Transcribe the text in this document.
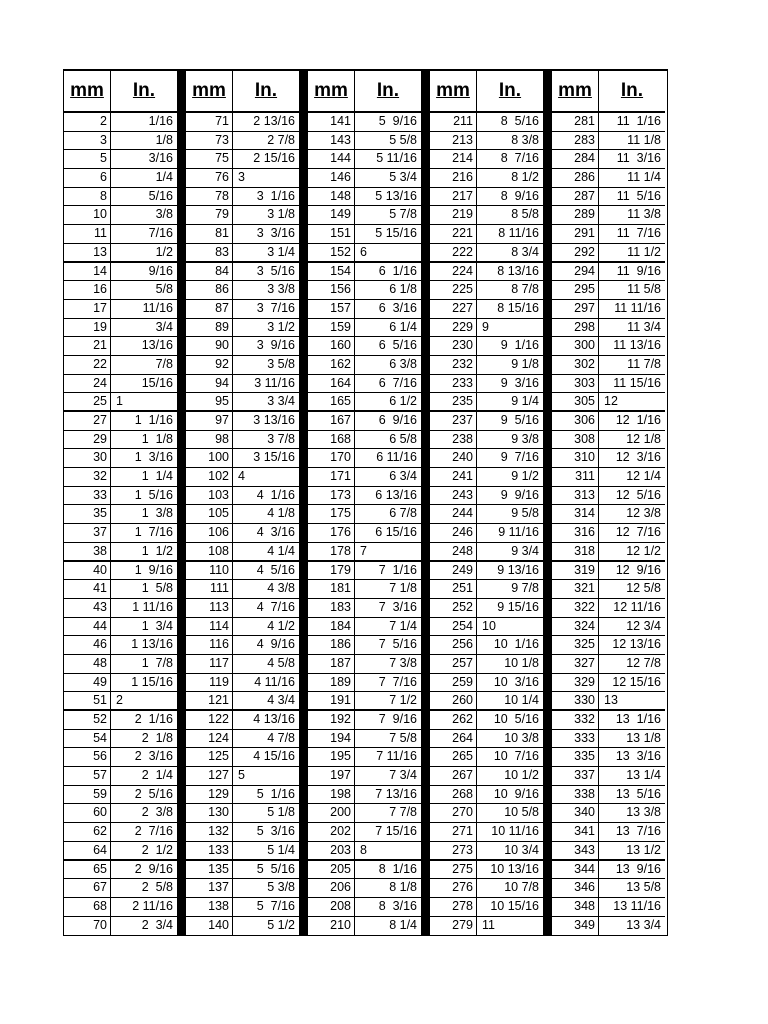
mm	In.
2	1/16
3	1/8
5	3/16
6	1/4
8	5/16
10	3/8
11	7/16
13	1/2
14	9/16
16	5/8
17	11/16
19	3/4
21	13/16
22	7/8
24	15/16
25 1
27	1  1/16
29	1  1/8
30	1  3/16
32	1  1/4
33	1  5/16
35	1  3/8
37	1  7/16
38	1  1/2
40	1  9/16
41	1  5/8
43	1 11/16
44	1  3/4
46	1 13/16
48	1  7/8
49	1 15/16
51 2
52	2  1/16
54	2  1/8
56	2  3/16
57	2  1/4
59	2  5/16
60	2  3/8
62	2  7/16
64	2  1/2
65	2  9/16
67	2  5/8
68	2 11/16
70	2  3/4
mm	In.
71	2 13/16
73	2 7/8
75	2 15/16
76 3
78	3  1/16
79	3 1/8
81	3  3/16
83	3 1/4
84	3  5/16
86	3 3/8
87	3  7/16
89	3 1/2
90	3  9/16
92	3 5/8
94	3 11/16
95	3 3/4
97	3 13/16
98	3 7/8
100	3 15/16
102 4
103	4  1/16
105	4 1/8
106	4  3/16
108	4 1/4
110	4  5/16
111	4 3/8
113	4  7/16
114	4 1/2
116	4  9/16
117	4 5/8
119	4 11/16
121	4 3/4
122	4 13/16
124	4 7/8
125	4 15/16
127 5
129	5  1/16
130	5 1/8
132	5  3/16
133	5 1/4
135	5  5/16
137	5 3/8
138	5  7/16
140	5 1/2
mm	In.
141	5  9/16
143	5 5/8
144	5 11/16
146	5 3/4
148	5 13/16
149	5 7/8
151	5 15/16
152 6
154	6  1/16
156	6 1/8
157	6  3/16
159	6 1/4
160	6  5/16
162	6 3/8
164	6  7/16
165	6 1/2
167	6  9/16
168	6 5/8
170	6 11/16
171	6 3/4
173	6 13/16
175	6 7/8
176	6 15/16
178 7
179	7  1/16
181	7 1/8
183	7  3/16
184	7 1/4
186	7  5/16
187	7 3/8
189	7  7/16
191	7 1/2
192	7  9/16
194	7 5/8
195	7 11/16
197	7 3/4
198	7 13/16
200	7 7/8
202	7 15/16
203 8
205	8  1/16
206	8 1/8
208	8  3/16
210	8 1/4
mm	In.
211	8  5/16
213	8 3/8
214	8  7/16
216	8 1/2
217	8  9/16
219	8 5/8
221	8 11/16
222	8 3/4
224	8 13/16
225	8 7/8
227	8 15/16
229 9
230	9  1/16
232	9 1/8
233	9  3/16
235	9 1/4
237	9  5/16
238	9 3/8
240	9  7/16
241	9 1/2
243	9  9/16
244	9 5/8
246	9 11/16
248	9 3/4
249	9 13/16
251	9 7/8
252	9 15/16
254 10
256	10  1/16
257	10 1/8
259	10  3/16
260	10 1/4
262	10  5/16
264	10 3/8
265	10  7/16
267	10 1/2
268	10  9/16
270	10 5/8
271	10 11/16
273	10 3/4
275	10 13/16
276	10 7/8
278	10 15/16
279 11
mm	In.
281	11  1/16
283	11 1/8
284	11  3/16
286	11 1/4
287	11  5/16
289	11 3/8
291	11  7/16
292	11 1/2
294	11  9/16
295	11 5/8
297	11 11/16
298	11 3/4
300	11 13/16
302	11 7/8
303	11 15/16
305 12
306	12  1/16
308	12 1/8
310	12  3/16
311	12 1/4
313	12  5/16
314	12 3/8
316	12  7/16
318	12 1/2
319	12  9/16
321	12 5/8
322	12 11/16
324	12 3/4
325	12 13/16
327	12 7/8
329	12 15/16
330 13
332	13  1/16
333	13 1/8
335	13  3/16
337	13 1/4
338	13  5/16
340	13 3/8
341	13  7/16
343	13 1/2
344	13  9/16
346	13 5/8
348	13 11/16
349	13 3/4
